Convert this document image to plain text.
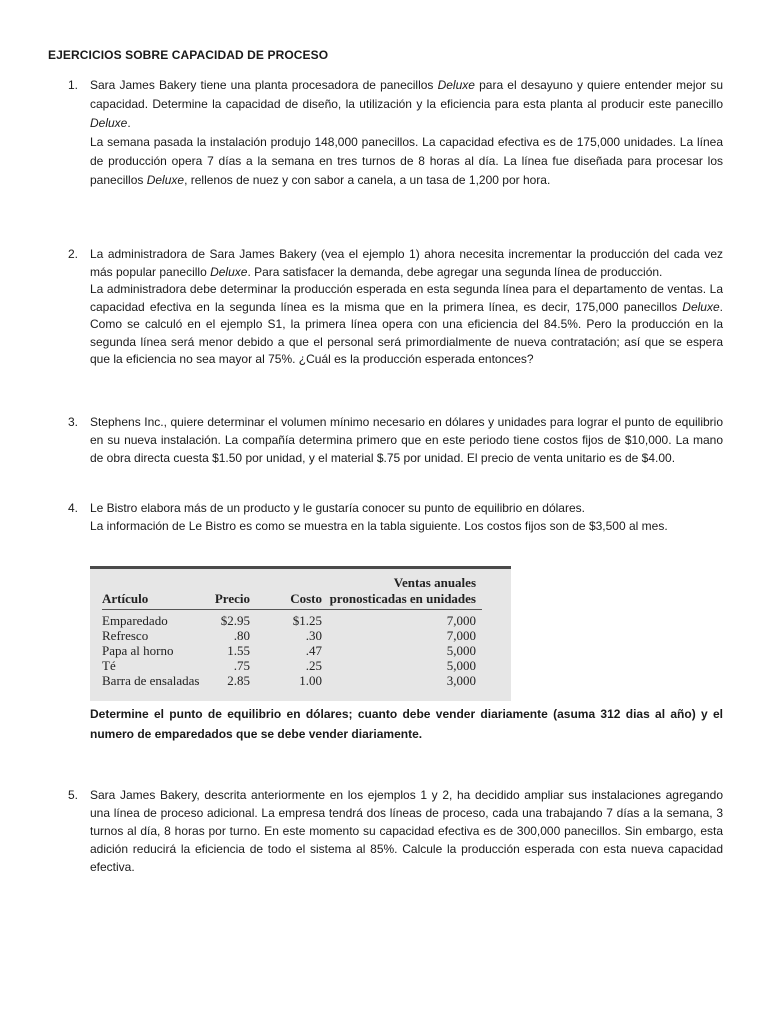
EJERCICIOS SOBRE CAPACIDAD DE PROCESO
1. Sara James Bakery tiene una planta procesadora de panecillos Deluxe para el desayuno y quiere entender mejor su capacidad. Determine la capacidad de diseño, la utilización y la eficiencia para esta planta al producir este panecillo Deluxe.

La semana pasada la instalación produjo 148,000 panecillos. La capacidad efectiva es de 175,000 unidades. La línea de producción opera 7 días a la semana en tres turnos de 8 horas al día. La línea fue diseñada para procesar los panecillos Deluxe, rellenos de nuez y con sabor a canela, a un tasa de 1,200 por hora.

2. La administradora de Sara James Bakery (vea el ejemplo 1) ahora necesita incrementar la producción del cada vez más popular panecillo Deluxe. Para satisfacer la demanda, debe agregar una segunda línea de producción.

La administradora debe determinar la producción esperada en esta segunda línea para el departamento de ventas. La capacidad efectiva en la segunda línea es la misma que en la primera línea, es decir, 175,000 panecillos Deluxe. Como se calculó en el ejemplo S1, la primera línea opera con una eficiencia del 84.5%. Pero la producción en la segunda línea será menor debido a que el personal será primordialmente de nueva contratación; así que se espera que la eficiencia no sea mayor al 75%. ¿Cuál es la producción esperada entonces?

3. Stephens Inc., quiere determinar el volumen mínimo necesario en dólares y unidades para lograr el punto de equilibrio en su nueva instalación. La compañía determina primero que en este periodo tiene costos fijos de $10,000. La mano de obra directa cuesta $1.50 por unidad, y el material $.75 por unidad. El precio de venta unitario es de $4.00.

4. Le Bistro elabora más de un producto y le gustaría conocer su punto de equilibrio en dólares.

La información de Le Bistro es como se muestra en la tabla siguiente. Los costos fijos son de $3,500 al mes.

Artículo	Precio	Costo	Ventas anuales
pronosticadas en unidades
Emparedado	$2.95	$1.25	7,000
Refresco	.80	.30	7,000
Papa al horno	1.55	.47	5,000
Té	.75	.25	5,000
Barra de ensaladas	2.85	1.00	3,000

Determine el punto de equilibrio en dólares; cuanto debe vender diariamente (asuma 312 dias al año) y el numero de emparedados que se debe vender diariamente.

5. Sara James Bakery, descrita anteriormente en los ejemplos 1 y 2, ha decidido ampliar sus instalaciones agregando una línea de proceso adicional. La empresa tendrá dos líneas de proceso, cada una trabajando 7 días a la semana, 3 turnos al día, 8 horas por turno. En este momento su capacidad efectiva es de 300,000 panecillos. Sin embargo, esta adición reducirá la eficiencia de todo el sistema al 85%. Calcule la producción esperada con esta nueva capacidad efectiva.
